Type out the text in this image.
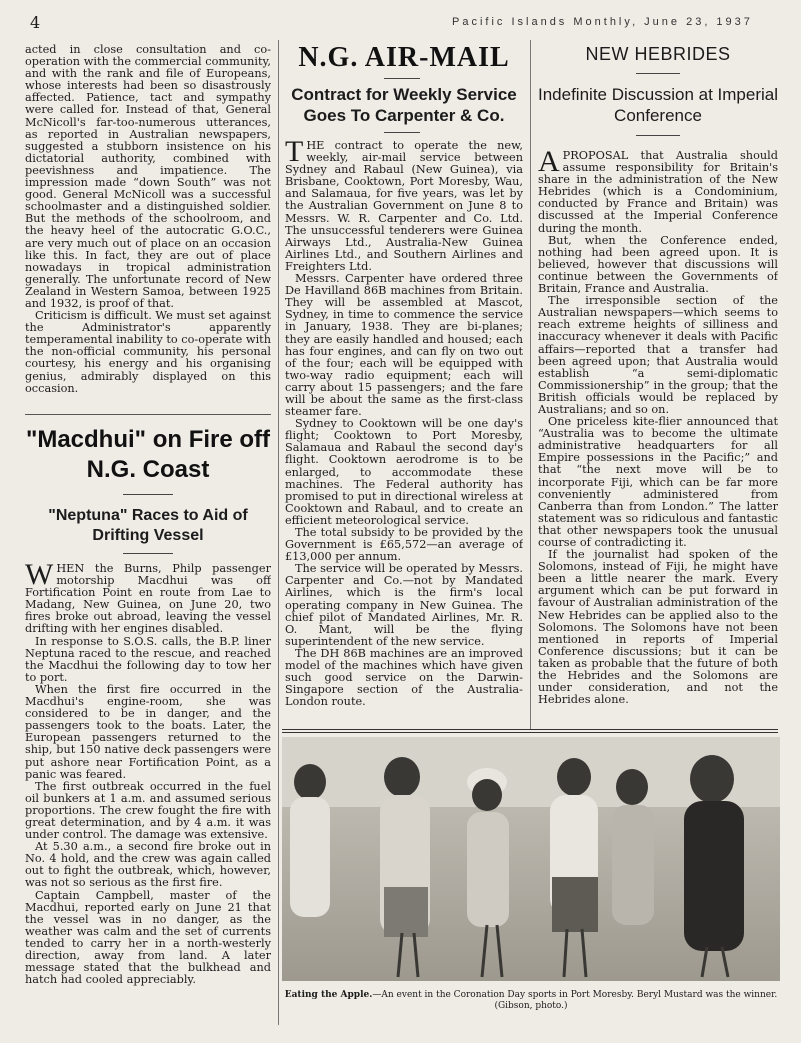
4	Pacific Islands Monthly, June 23, 1937

acted in close consultation and co-operation with the commercial community, and with the rank and file of Europeans, whose interests had been so disastrously affected. Patience, tact and sympathy were called for. Instead of that, General McNicoll's far-too-numerous utterances, as reported in Australian newspapers, suggested a stubborn insistence on his dictatorial authority, combined with peevishness and impatience. The impression made “down South” was not good. General McNicoll was a successful schoolmaster and a distinguished soldier. But the methods of the schoolroom, and the heavy heel of the autocratic G.O.C., are very much out of place on an occasion like this. In fact, they are out of place nowadays in tropical administration generally. The unfortunate record of New Zealand in Western Samoa, between 1925 and 1932, is proof of that.

Criticism is difficult. We must set against the Administrator's apparently temperamental inability to co-operate with the non-official community, his personal courtesy, his energy and his organising genius, admirably displayed on this occasion.

"Macdhui" on Fire off N.G. Coast
"Neptuna" Races to Aid of Drifting Vessel

WHEN the Burns, Philp passenger motorship Macdhui was off Fortification Point en route from Lae to Madang, New Guinea, on June 20, two fires broke out abroad, leaving the vessel drifting with her engines disabled.

In response to S.O.S. calls, the B.P. liner Neptuna raced to the rescue, and reached the Macdhui the following day to tow her to port.

When the first fire occurred in the Macdhui's engine-room, she was considered to be in danger, and the passengers took to the boats. Later, the European passengers returned to the ship, but 150 native deck passengers were put ashore near Fortification Point, as a panic was feared.

The first outbreak occurred in the fuel oil bunkers at 1 a.m. and assumed serious proportions. The crew fought the fire with great determination, and by 4 a.m. it was under control. The damage was extensive.

At 5.30 a.m., a second fire broke out in No. 4 hold, and the crew was again called out to fight the outbreak, which, however, was not so serious as the first fire.

Captain Campbell, master of the Macdhui, reported early on June 21 that the vessel was in no danger, as the weather was calm and the set of currents tended to carry her in a north-westerly direction, away from land. A later message stated that the bulkhead and hatch had cooled appreciably.

N.G. AIR-MAIL
Contract for Weekly Service Goes To Carpenter & Co.

THE contract to operate the new, weekly, air-mail service between Sydney and Rabaul (New Guinea), via Brisbane, Cooktown, Port Moresby, Wau, and Salamaua, for five years, was let by the Australian Government on June 8 to Messrs. W. R. Carpenter and Co. Ltd. The unsuccessful tenderers were Guinea Airways Ltd., Australia-New Guinea Airlines Ltd., and Southern Airlines and Freighters Ltd.

Messrs. Carpenter have ordered three De Havilland 86B machines from Britain. They will be assembled at Mascot, Sydney, in time to commence the service in January, 1938. They are bi-planes; they are easily handled and housed; each has four engines, and can fly on two out of the four; each will be equipped with two-way radio equipment; each will carry about 15 passengers; and the fare will be about the same as the first-class steamer fare.

Sydney to Cooktown will be one day's flight; Cooktown to Port Moresby, Salamaua and Rabaul the second day's flight. Cooktown aerodrome is to be enlarged, to accommodate these machines. The Federal authority has promised to put in directional wireless at Cooktown and Rabaul, and to create an efficient meteorological service.

The total subsidy to be provided by the Government is £65,572—an average of £13,000 per annum.

The service will be operated by Messrs. Carpenter and Co.—not by Mandated Airlines, which is the firm's local operating company in New Guinea. The chief pilot of Mandated Airlines, Mr. R. O. Mant, will be the flying superintendent of the new service.

The DH 86B machines are an improved model of the machines which have given such good service on the Darwin-Singapore section of the Australia-London route.

NEW HEBRIDES
Indefinite Discussion at Imperial Conference

APROPOSAL that Australia should assume responsibility for Britain's share in the administration of the New Hebrides (which is a Condominium, conducted by France and Britain) was discussed at the Imperial Conference during the month.

But, when the Conference ended, nothing had been agreed upon. It is believed, however that discussions will continue between the Governments of Britain, France and Australia.

The irresponsible section of the Australian newspapers—which seems to reach extreme heights of silliness and inaccuracy whenever it deals with Pacific affairs—reported that a transfer had been agreed upon; that Australia would establish “a semi-diplomatic Commissionership” in the group; that the British officials would be replaced by Australians; and so on.

One priceless kite-flier announced that “Australia was to become the ultimate administrative headquarters for all Empire possessions in the Pacific;” and that “the next move will be to incorporate Fiji, which can be far more conveniently administered from Canberra than from London.” The latter statement was so ridiculous and fantastic that other newspapers took the unusual course of contradicting it.

If the journalist had spoken of the Solomons, instead of Fiji, he might have been a little nearer the mark. Every argument which can be put forward in favour of Australian administration of the New Hebrides can be applied also to the Solomons. The Solomons have not been mentioned in reports of Imperial Conference discussions; but it can be taken as probable that the future of both the Hebrides and the Solomons are under consideration, and not the Hebrides alone.

Eating the Apple.—An event in the Coronation Day sports in Port Moresby. Beryl Mustard was the winner. (Gibson, photo.)
